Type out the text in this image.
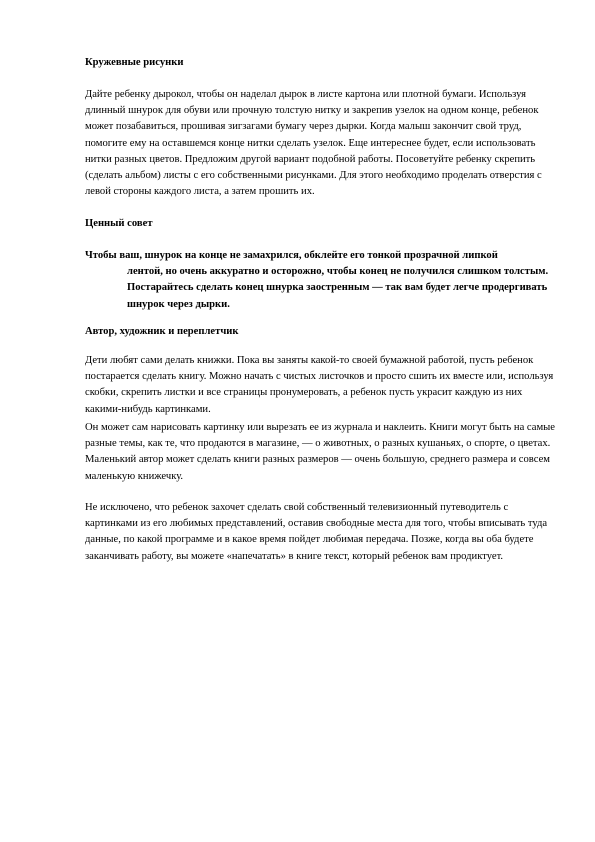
Кружевные рисунки

Дайте ребенку дырокол, чтобы он наделал дырок в листе картона или плотной бумаги. Используя длинный шнурок для обуви или прочную толстую нитку и закрепив узелок на одном конце, ребенок может позабавиться, прошивая зигзагами бумагу через дырки. Когда малыш закончит свой труд, помогите ему на оставшемся конце нитки сделать узелок. Еще интереснее будет, если использовать нитки разных цветов. Предложим другой вариант подобной работы. Посоветуйте ребенку скрепить (сделать альбом) листы с его собственными рисунками. Для этого необходимо проделать отверстия с левой стороны каждого листа, а затем прошить их.

Ценный совет

Чтобы ваш, шнурок на конце не замахрился, обклейте его тонкой прозрачной липкой
лентой, но очень аккуратно и осторожно, чтобы конец не получился слишком толстым. Постарайтесь сделать конец шнурка заостренным — так вам будет легче продергивать шнурок через дырки.

Автор, художник и переплетчик

Дети любят сами делать книжки. Пока вы заняты какой-то своей бумажной работой, пусть ребенок постарается сделать книгу. Можно начать с чистых листочков и просто сшить их вместе или, используя скобки, скрепить листки и все страницы пронумеровать, а ребенок пусть украсит каждую из них какими-нибудь картинками.

Он может сам нарисовать картинку или вырезать ее из журнала и наклеить. Книги могут быть на самые разные темы, как те, что продаются в магазине, — о животных, о разных кушаньях, о спорте, о цветах. Маленький автор может сделать книги разных размеров — очень большую, среднего размера и совсем маленькую книжечку.

Не исключено, что ребенок захочет сделать свой собственный телевизионный путеводитель с картинками из его любимых представлений, оставив свободные места для того, чтобы вписывать туда данные, по какой программе и в какое время пойдет любимая передача. Позже, когда вы оба будете заканчивать работу, вы можете «напечатать» в книге текст, который ребенок вам продиктует.
